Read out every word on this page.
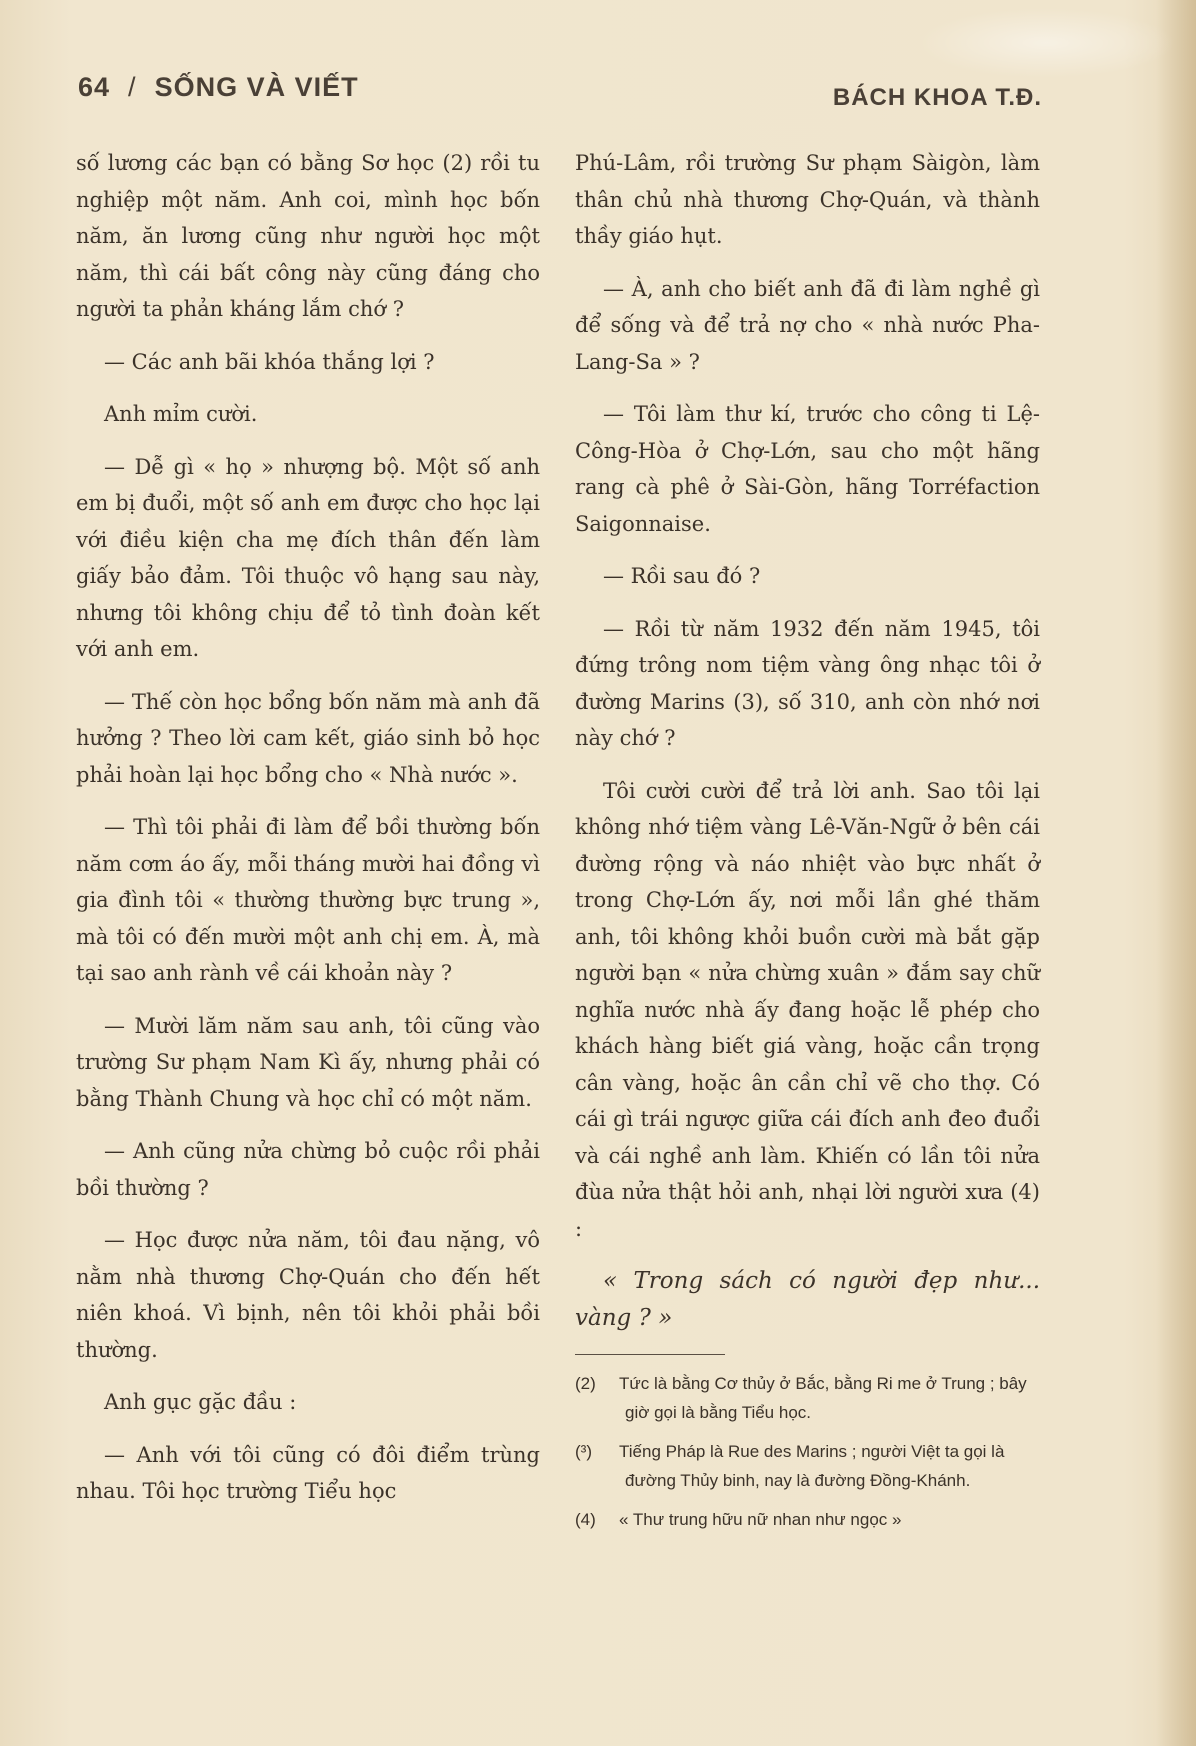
64 / SỐNG VÀ VIẾT	BÁCH KHOA T.Đ.

số lương các bạn có bằng Sơ học (2) rồi tu nghiệp một năm. Anh coi, mình học bốn năm, ăn lương cũng như người học một năm, thì cái bất công này cũng đáng cho người ta phản kháng lắm chớ ?

— Các anh bãi khóa thắng lợi ?

Anh mỉm cười.

— Dễ gì « họ » nhượng bộ. Một số anh em bị đuổi, một số anh em được cho học lại với điều kiện cha mẹ đích thân đến làm giấy bảo đảm. Tôi thuộc vô hạng sau này, nhưng tôi không chịu để tỏ tình đoàn kết với anh em.

— Thế còn học bổng bốn năm mà anh đã hưởng ? Theo lời cam kết, giáo sinh bỏ học phải hoàn lại học bổng cho « Nhà nước ».

— Thì tôi phải đi làm để bồi thường bốn năm cơm áo ấy, mỗi tháng mười hai đồng vì gia đình tôi « thường thường bực trung », mà tôi có đến mười một anh chị em. À, mà tại sao anh rành về cái khoản này ?

— Mười lăm năm sau anh, tôi cũng vào trường Sư phạm Nam Kì ấy, nhưng phải có bằng Thành Chung và học chỉ có một năm.

— Anh cũng nửa chừng bỏ cuộc rồi phải bồi thường ?

— Học được nửa năm, tôi đau nặng, vô nằm nhà thương Chợ-Quán cho đến hết niên khoá. Vì bịnh, nên tôi khỏi phải bồi thường.

Anh gục gặc đầu :

— Anh với tôi cũng có đôi điểm trùng nhau. Tôi học trường Tiểu học

Phú-Lâm, rồi trường Sư phạm Sàigòn, làm thân chủ nhà thương Chợ-Quán, và thành thầy giáo hụt.

— À, anh cho biết anh đã đi làm nghề gì để sống và để trả nợ cho « nhà nước Pha-Lang-Sa » ?

— Tôi làm thư kí, trước cho công ti Lệ-Công-Hòa ở Chợ-Lớn, sau cho một hãng rang cà phê ở Sài-Gòn, hãng Torréfaction Saigonnaise.

— Rồi sau đó ?

— Rồi từ năm 1932 đến năm 1945, tôi đứng trông nom tiệm vàng ông nhạc tôi ở đường Marins (3), số 310, anh còn nhớ nơi này chớ ?

Tôi cười cười để trả lời anh. Sao tôi lại không nhớ tiệm vàng Lê-Văn-Ngữ ở bên cái đường rộng và náo nhiệt vào bực nhất ở trong Chợ-Lớn ấy, nơi mỗi lần ghé thăm anh, tôi không khỏi buồn cười mà bắt gặp người bạn « nửa chừng xuân » đắm say chữ nghĩa nước nhà ấy đang hoặc lễ phép cho khách hàng biết giá vàng, hoặc cần trọng cân vàng, hoặc ân cần chỉ vẽ cho thợ. Có cái gì trái ngược giữa cái đích anh đeo đuổi và cái nghề anh làm. Khiến có lần tôi nửa đùa nửa thật hỏi anh, nhại lời người xưa (4) :

« Trong sách có người đẹp như... vàng ? »

(2) Tức là bằng Cơ thủy ở Bắc, bằng Ri me ở Trung ; bây giờ gọi là bằng Tiểu học.

(³) Tiếng Pháp là Rue des Marins ; người Việt ta gọi là đường Thủy binh, nay là đường Đồng-Khánh.

(4) « Thư trung hữu nữ nhan như ngọc »
